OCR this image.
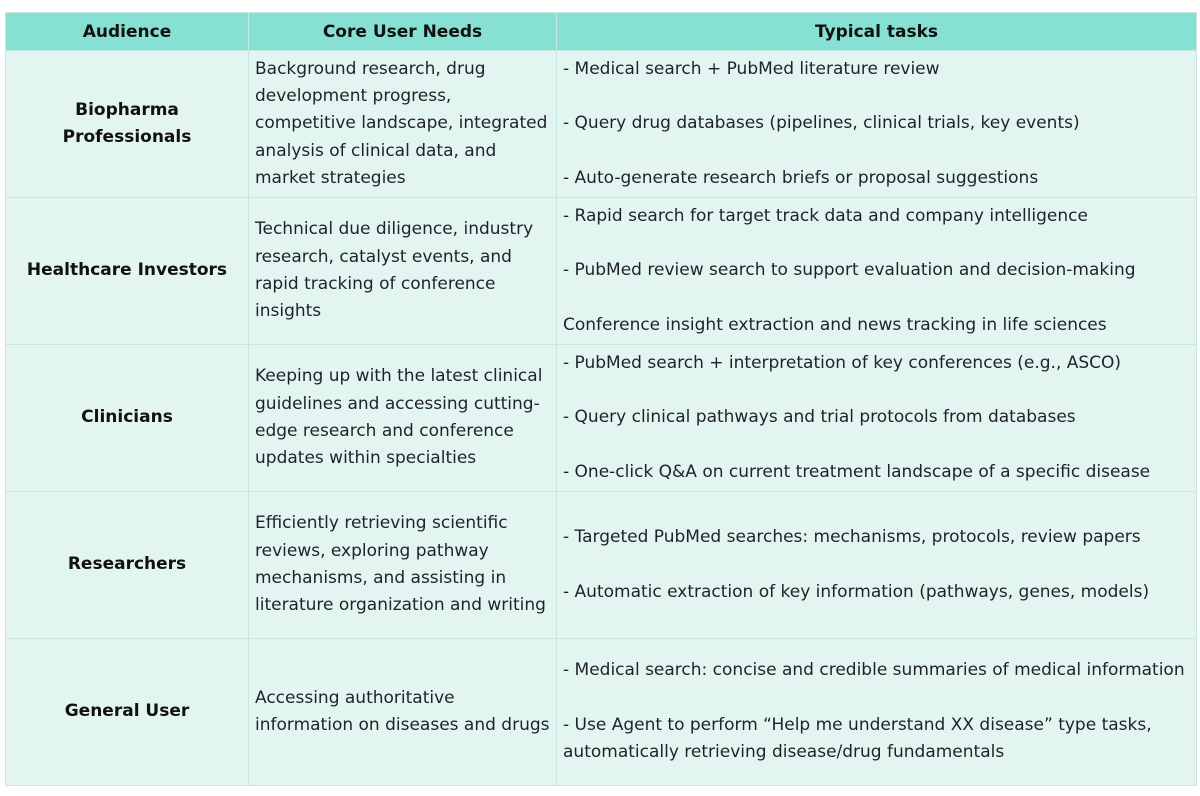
Audience	Core User Needs	Typical tasks
Biopharma Professionals	Background research, drug development progress, competitive landscape, integrated analysis of clinical data, and market strategies	- Medical search + PubMed literature review
- Query drug databases (pipelines, clinical trials, key events)
- Auto-generate research briefs or proposal suggestions

Healthcare Investors	Technical due diligence, industry research, catalyst events, and rapid tracking of conference insights	- Rapid search for target track data and company intelligence
- PubMed review search to support evaluation and decision-making
Conference insight extraction and news tracking in life sciences

Clinicians	Keeping up with the latest clinical guidelines and accessing cutting-edge research and conference updates within specialties	- PubMed search + interpretation of key conferences (e.g., ASCO)
- Query clinical pathways and trial protocols from databases
- One-click Q&A on current treatment landscape of a specific disease

Researchers	Efficiently retrieving scientific reviews, exploring pathway mechanisms, and assisting in literature organization and writing	- Targeted PubMed searches: mechanisms, protocols, review papers
- Automatic extraction of key information (pathways, genes, models)

General User	Accessing authoritative information on diseases and drugs	- Medical search: concise and credible summaries of medical information
- Use Agent to perform “Help me understand XX disease” type tasks, automatically retrieving disease/drug fundamentals
